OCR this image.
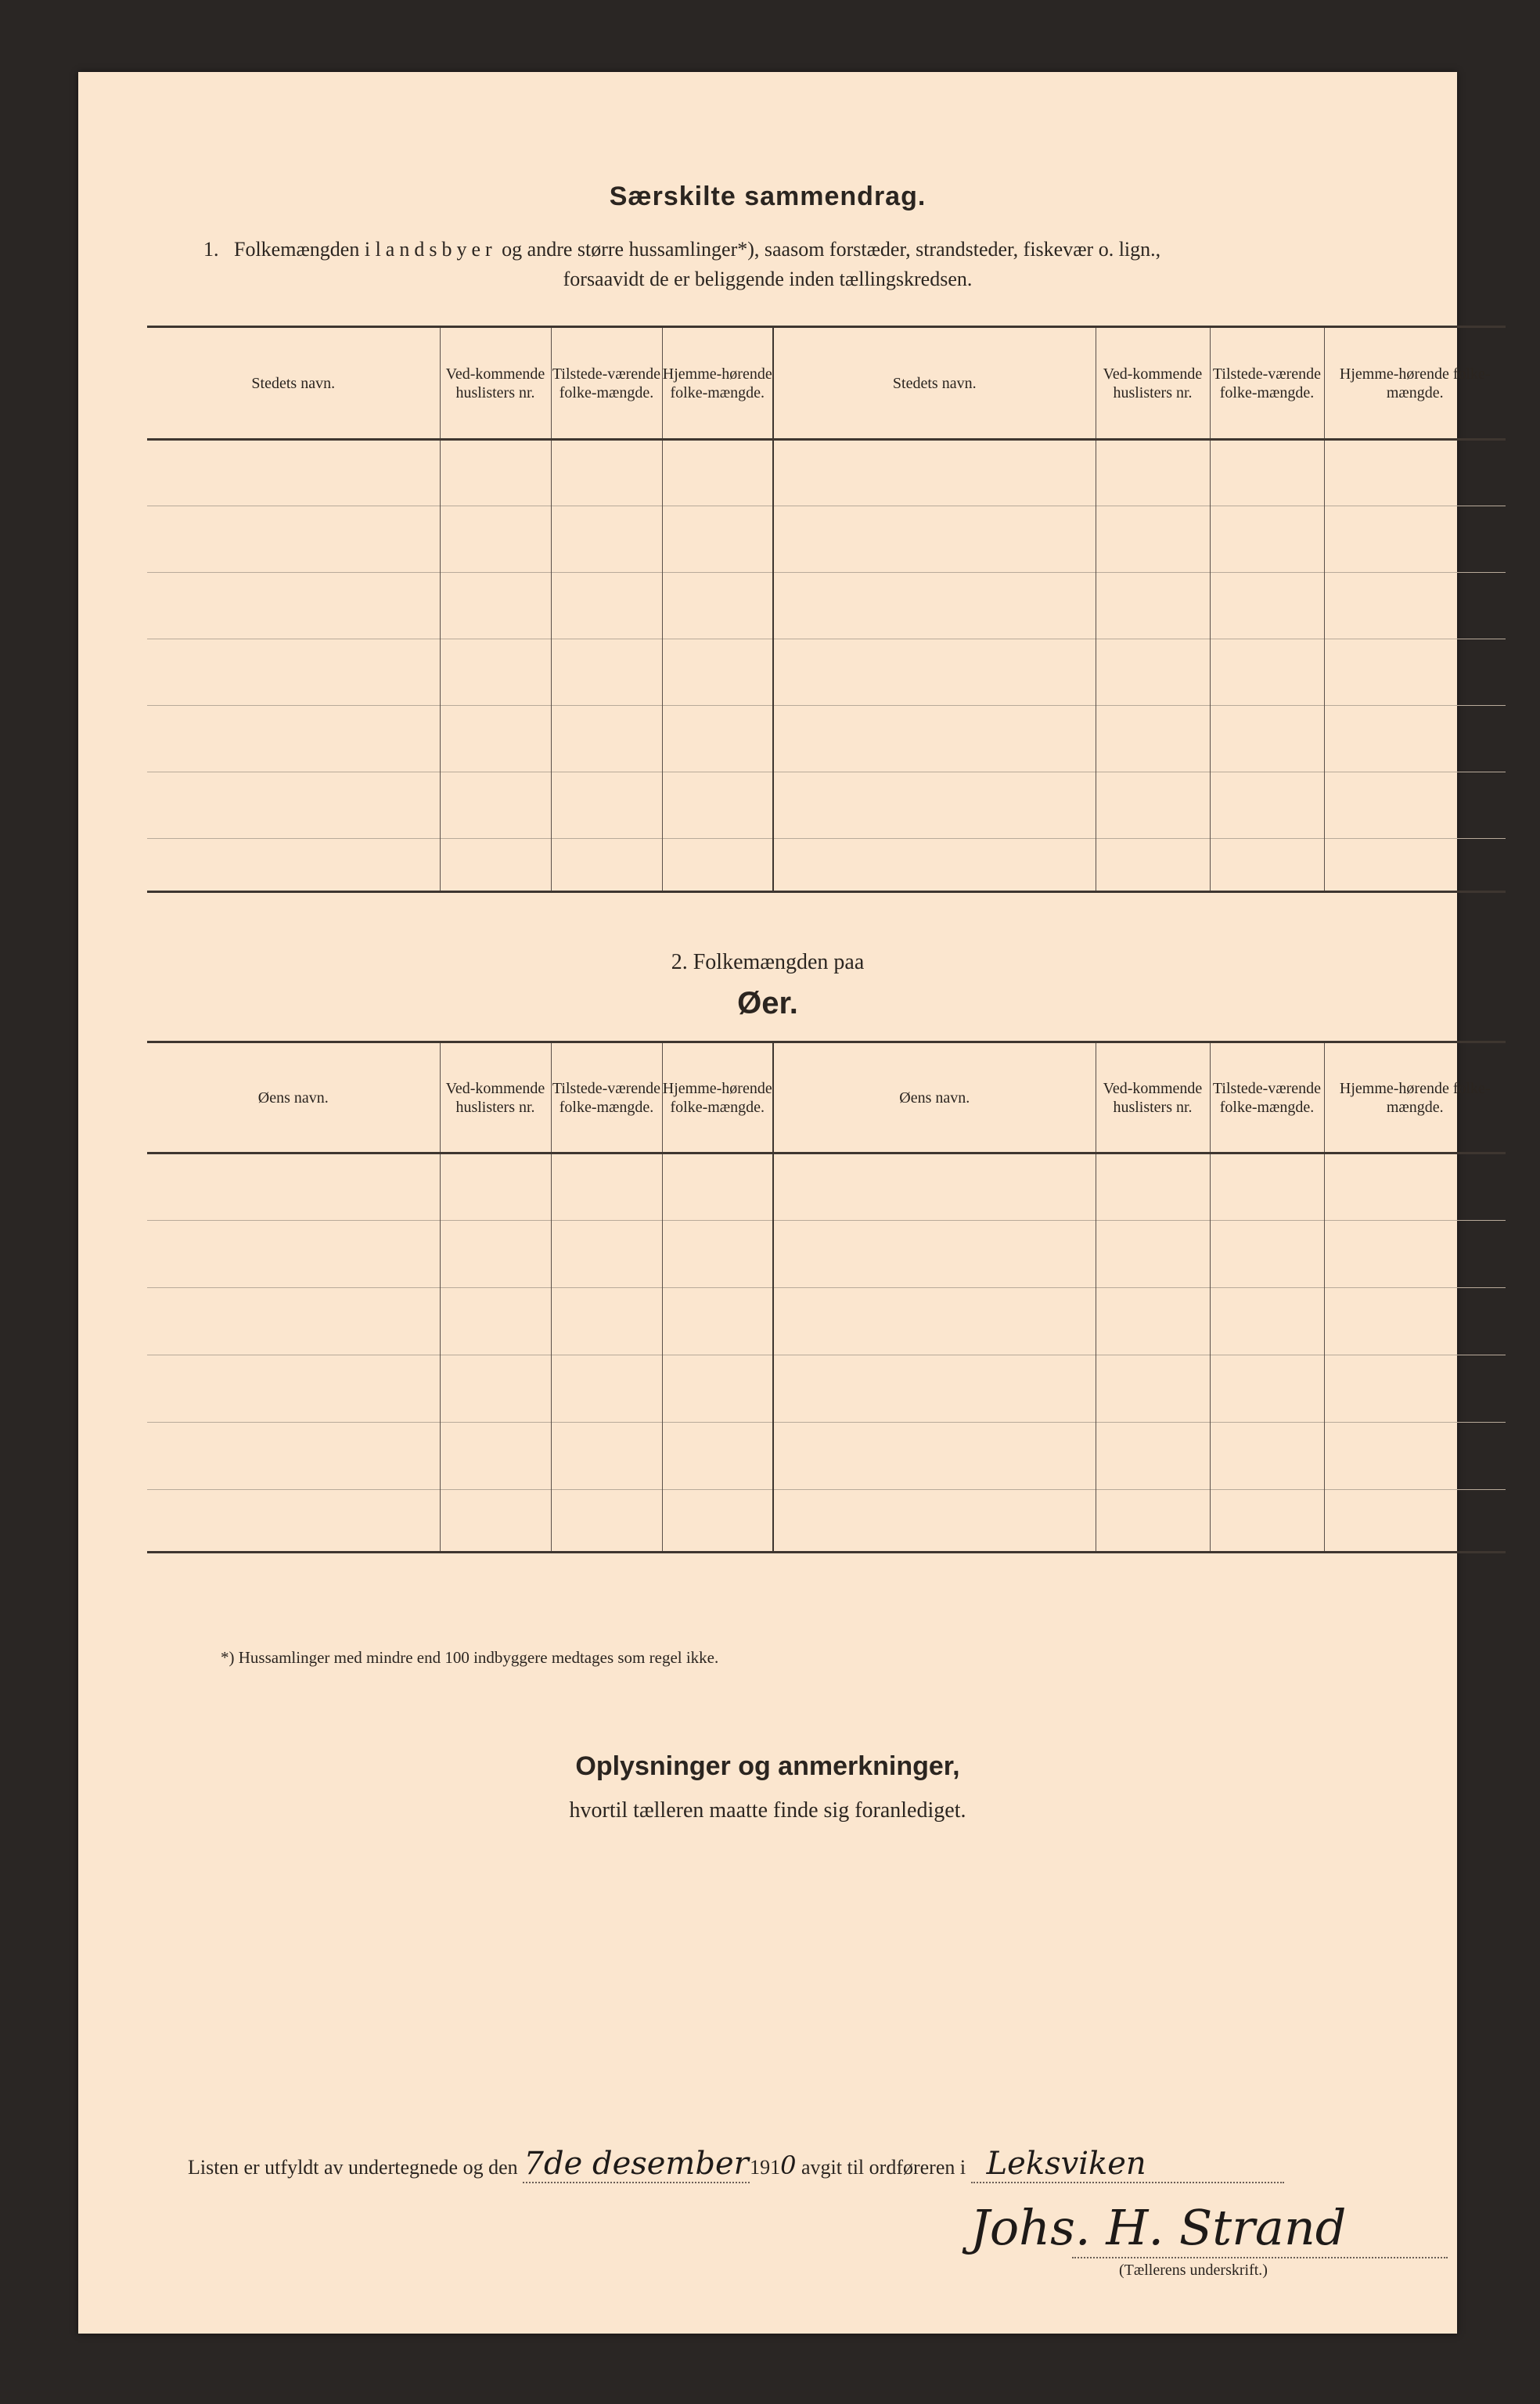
Særskilte sammendrag.
1. Folkemængden i landsbyer og andre større hussamlinger*), saasom forstæder, strandsteder, fiskevær o. lign.,
forsaavidt de er beliggende inden tællingskredsen.
Stedets navn.	Ved-kommende huslisters nr.	Tilstede-værende folke-mængde.	Hjemme-hørende folke-mængde.	Stedets navn.	Ved-kommende huslisters nr.	Tilstede-værende folke-mængde.	Hjemme-hørende folke-mængde.

2. Folkemængden paa
Øer.
Øens navn.	Ved-kommende huslisters nr.	Tilstede-værende folke-mængde.	Hjemme-hørende folke-mængde.	Øens navn.	Ved-kommende huslisters nr.	Tilstede-værende folke-mængde.	Hjemme-hørende folke-mængde.

*) Hussamlinger med mindre end 100 indbyggere medtages som regel ikke.
Oplysninger og anmerkninger,
hvortil tælleren maatte finde sig foranlediget.
Listen er utfyldt av undertegnede og den 7de desember1910 avgit til ordføreren i Leksviken
Johs. H. Strand
(Tællerens underskrift.)
